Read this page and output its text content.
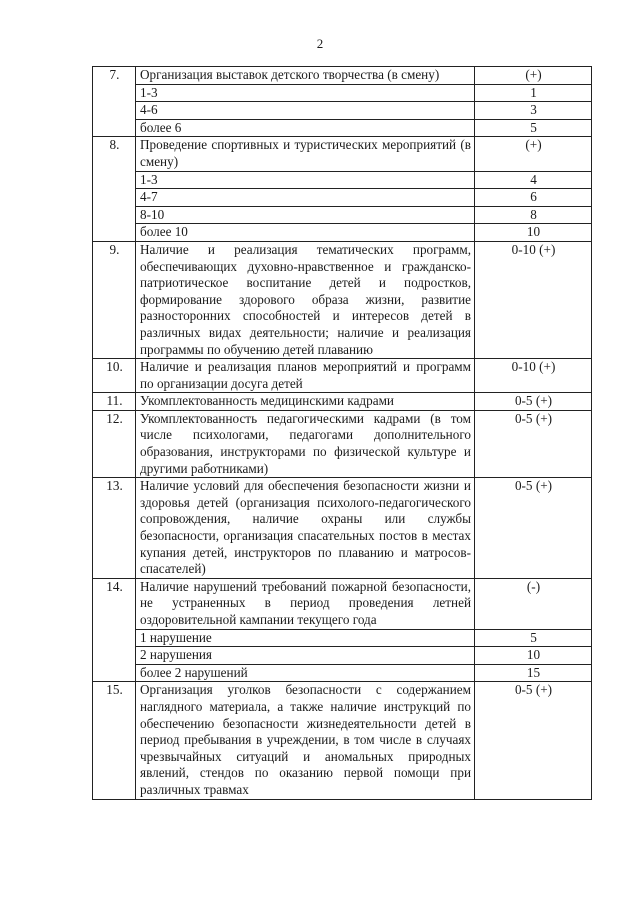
2
7.	Организация выставок детского творчества (в смену)	(+)
	1-3	1
	4-6	3
	более 6	5
8.	Проведение спортивных и туристических мероприятий (в смену)	(+)
	1-3	4
	4-7	6
	8-10	8
	более 10	10
9.	Наличие и реализация тематических программ, обеспечивающих духовно-нравственное и гражданско-патриотическое воспитание детей и подростков, формирование здорового образа жизни, развитие разносторонних способностей и интересов детей в различных видах деятельности; наличие и реализация программы по обучению детей плаванию	0-10 (+)
10.	Наличие и реализация планов мероприятий и программ по организации досуга детей	0-10 (+)
11.	Укомплектованность медицинскими кадрами	0-5 (+)
12.	Укомплектованность педагогическими кадрами (в том числе психологами, педагогами дополнительного образования, инструкторами по физической культуре и другими работниками)	0-5 (+)
13.	Наличие условий для обеспечения безопасности жизни и здоровья детей (организация психолого-педагогического сопровождения, наличие охраны или службы безопасности, организация спасательных постов в местах купания детей, инструкторов по плаванию и матросов-спасателей)	0-5 (+)
14.	Наличие нарушений требований пожарной безопасности, не устраненных в период проведения летней оздоровительной кампании текущего года	(-)
	1 нарушение	5
	2 нарушения	10
	более 2 нарушений	15
15.	Организация уголков безопасности с содержанием наглядного материала, а также наличие инструкций по обеспечению безопасности жизнедеятельности детей в период пребывания в учреждении, в том числе в случаях чрезвычайных ситуаций и аномальных природных явлений, стендов по оказанию первой помощи при различных травмах	0-5 (+)
